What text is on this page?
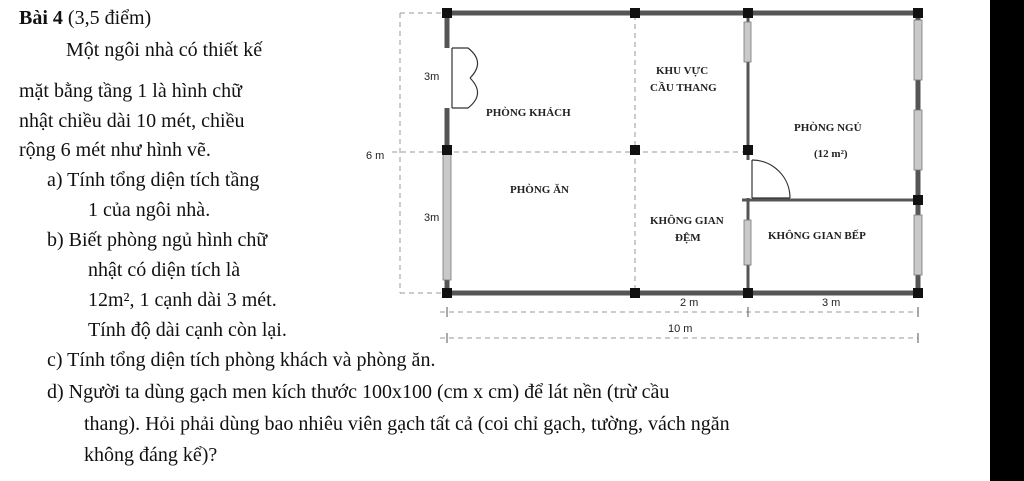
Bài 4 (3,5 điểm)
Một ngôi nhà có thiết kế
mặt bằng tầng 1 là hình chữ
nhật chiều dài 10 mét, chiều
rộng 6 mét như hình vẽ.
a) Tính tổng diện tích tầng
1 của ngôi nhà.
b) Biết phòng ngủ hình chữ
nhật có diện tích là
12m², 1 cạnh dài 3 mét.
Tính độ dài cạnh còn lại.
c) Tính tổng diện tích phòng khách và phòng ăn.
d) Người ta dùng gạch men kích thước 100x100 (cm x cm) để lát nền (trừ cầu
thang). Hỏi phải dùng bao nhiêu viên gạch tất cả (coi chỉ gạch, tường, vách ngăn
không đáng kể)?
PHÒNG KHÁCH
PHÒNG ĂN
KHU VỰC
CẦU THANG
PHÒNG NGỦ
(12 m²)
KHÔNG GIAN
ĐỆM	KHÔNG GIAN BẾP
3m
3m
6 m
2 m	3 m
10 m
